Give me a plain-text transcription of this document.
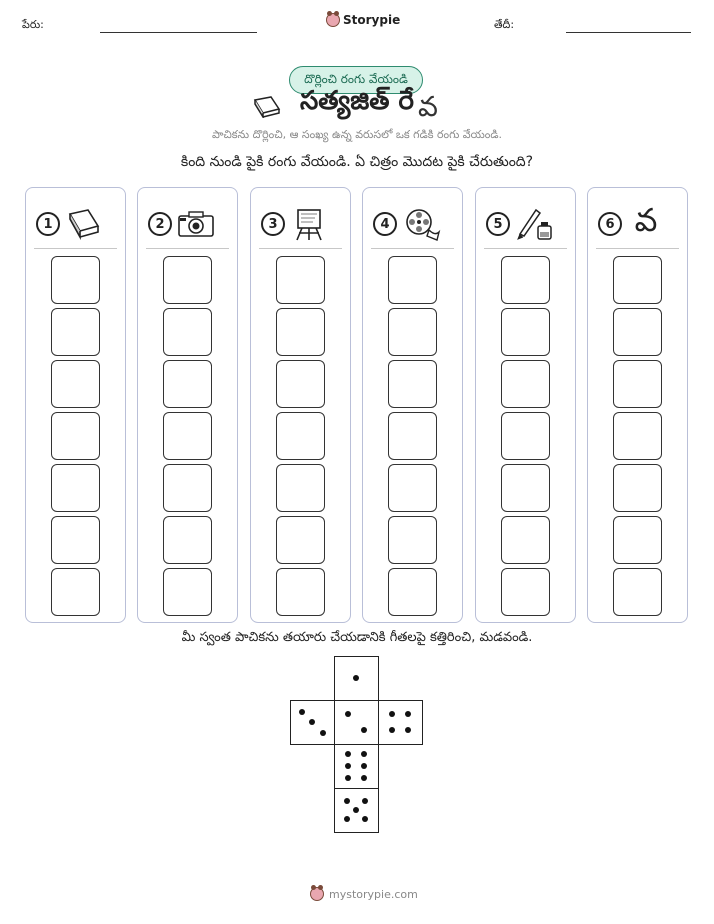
పేరు:	Storypie	తేదీ:
దొర్లించి రంగు వేయండి
సత్యజిత్ రే వ
పాచికను దొర్లించి, ఆ సంఖ్య ఉన్న వరుసలో ఒక గడికి రంగు వేయండి.
కింది నుండి పైకి రంగు వేయండి. ఏ చిత్రం మొదట పైకి చేరుతుంది?
1	2	3	4	5	6 వ
మీ స్వంత పాచికను తయారు చేయడానికి గీతలపై కత్తిరించి, మడవండి.
mystorypie.com
